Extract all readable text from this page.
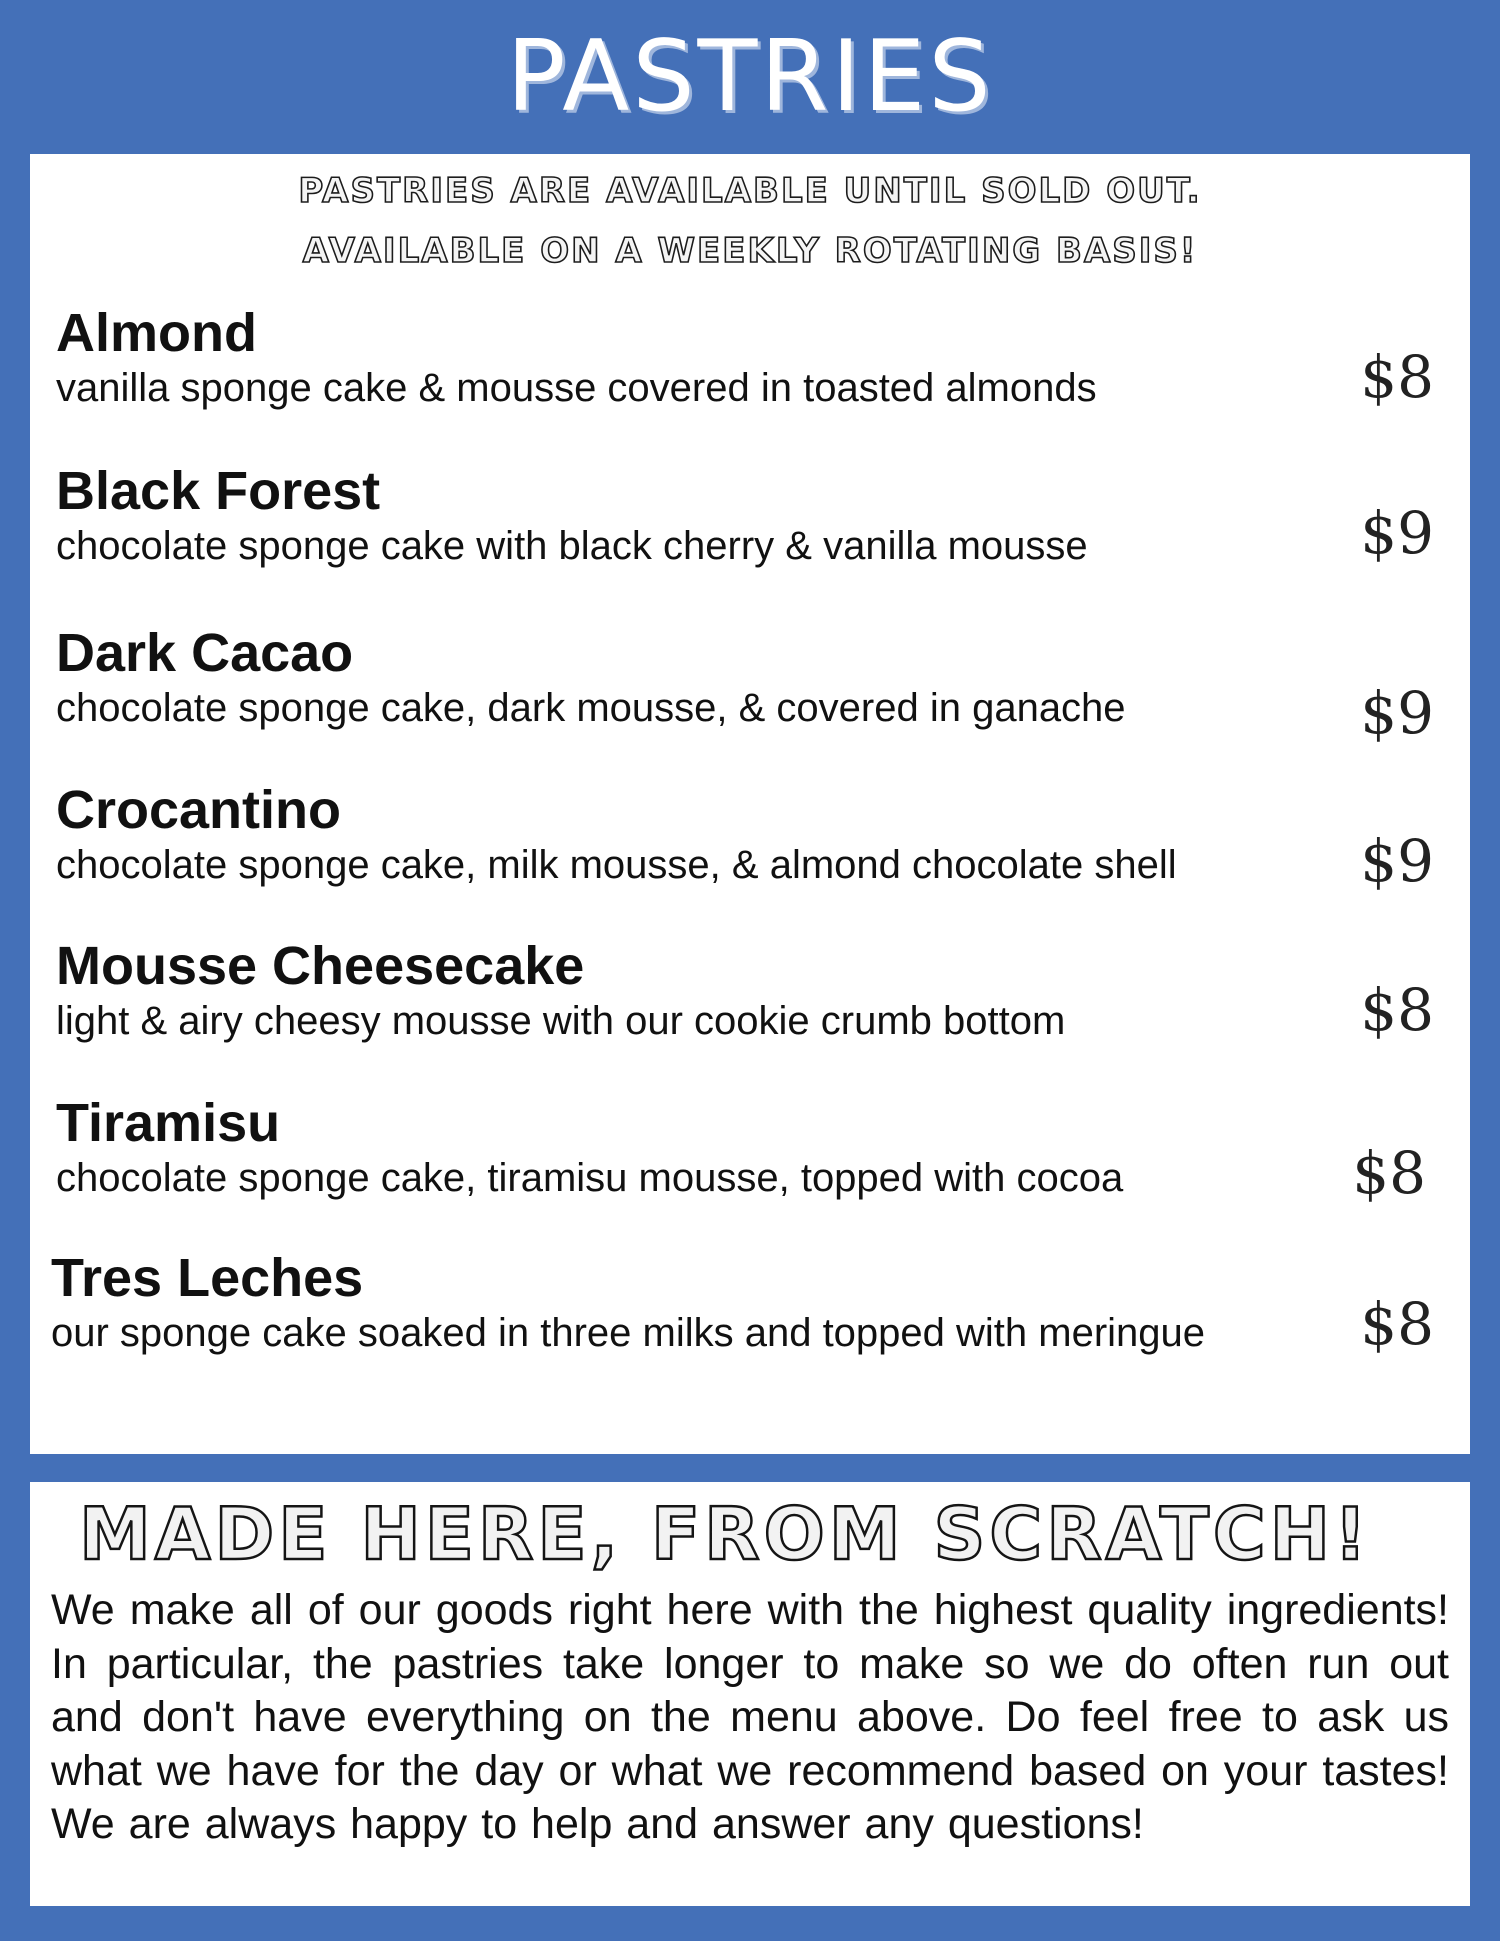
PASTRIES
PASTRIES ARE AVAILABLE UNTIL SOLD OUT.
AVAILABLE ON A WEEKLY ROTATING BASIS!
Almond
vanilla sponge cake & mousse covered in toasted almonds	$8
Black Forest
chocolate sponge cake with black cherry & vanilla mousse	$9
Dark Cacao
chocolate sponge cake, dark mousse, & covered in ganache	$9
Crocantino
chocolate sponge cake, milk mousse, & almond chocolate shell	$9
Mousse Cheesecake
light & airy cheesy mousse with our cookie crumb bottom	$8
Tiramisu
chocolate sponge cake, tiramisu mousse, topped with cocoa	$8
Tres Leches
our sponge cake soaked in three milks and topped with meringue	$8
MADE HERE, FROM SCRATCH!
We make all of our goods right here with the highest quality ingredients! In particular, the pastries take longer to make so we do often run out and don't have everything on the menu above. Do feel free to ask us what we have for the day or what we recommend based on your tastes! We are always happy to help and answer any questions!
